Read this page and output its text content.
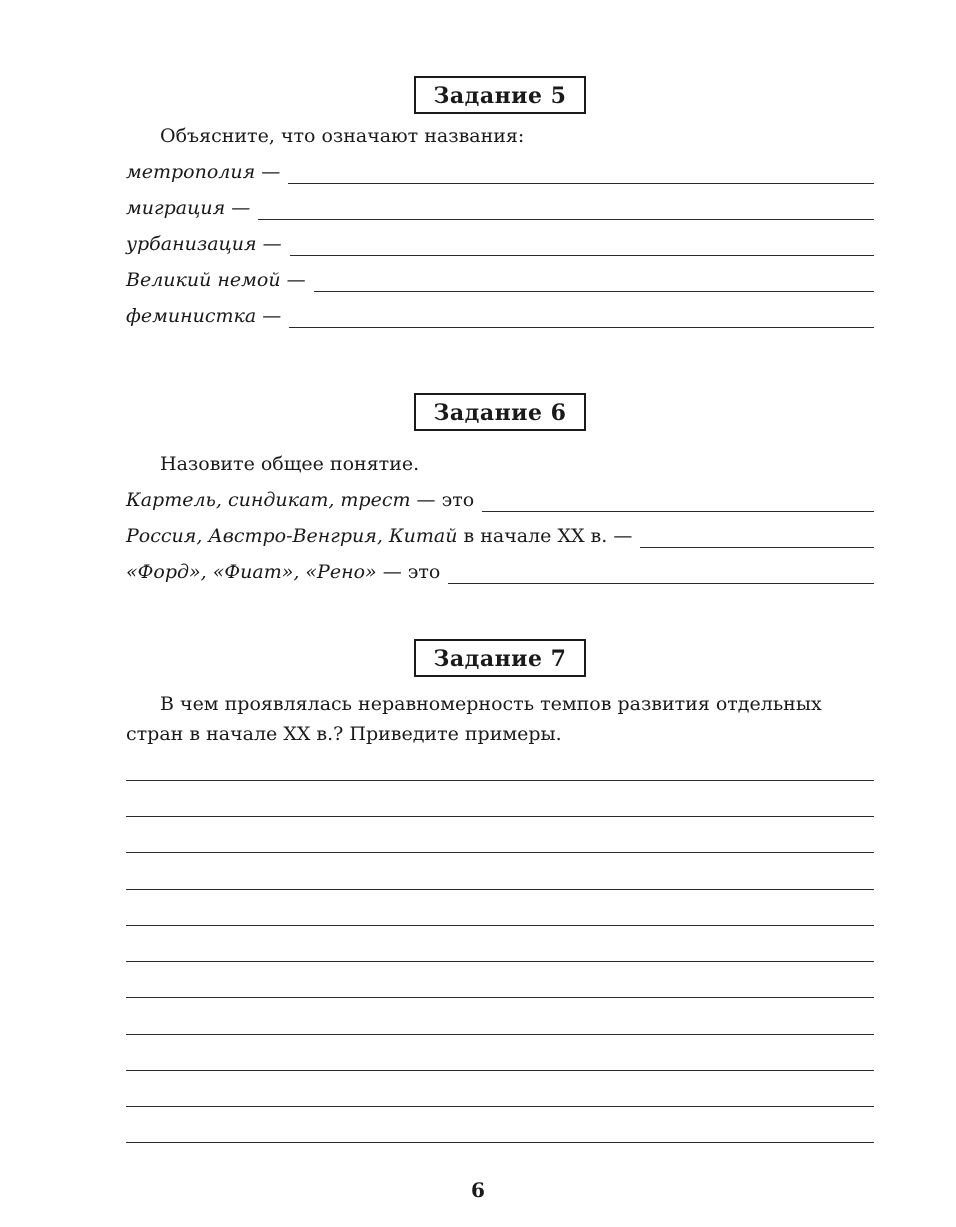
Задание 5
Объясните, что означают названия:
метрополия —
миграция —
урбанизация —
Великий немой —
феминистка —
Задание 6
Назовите общее понятие.
Картель, синдикат, трест — это
Россия, Австро-Венгрия, Китай в начале XX в. —
«Форд», «Фиат», «Рено» — это
Задание 7
В чем проявлялась неравномерность темпов развития отдельных
стран в начале XX в.? Приведите примеры.
6
